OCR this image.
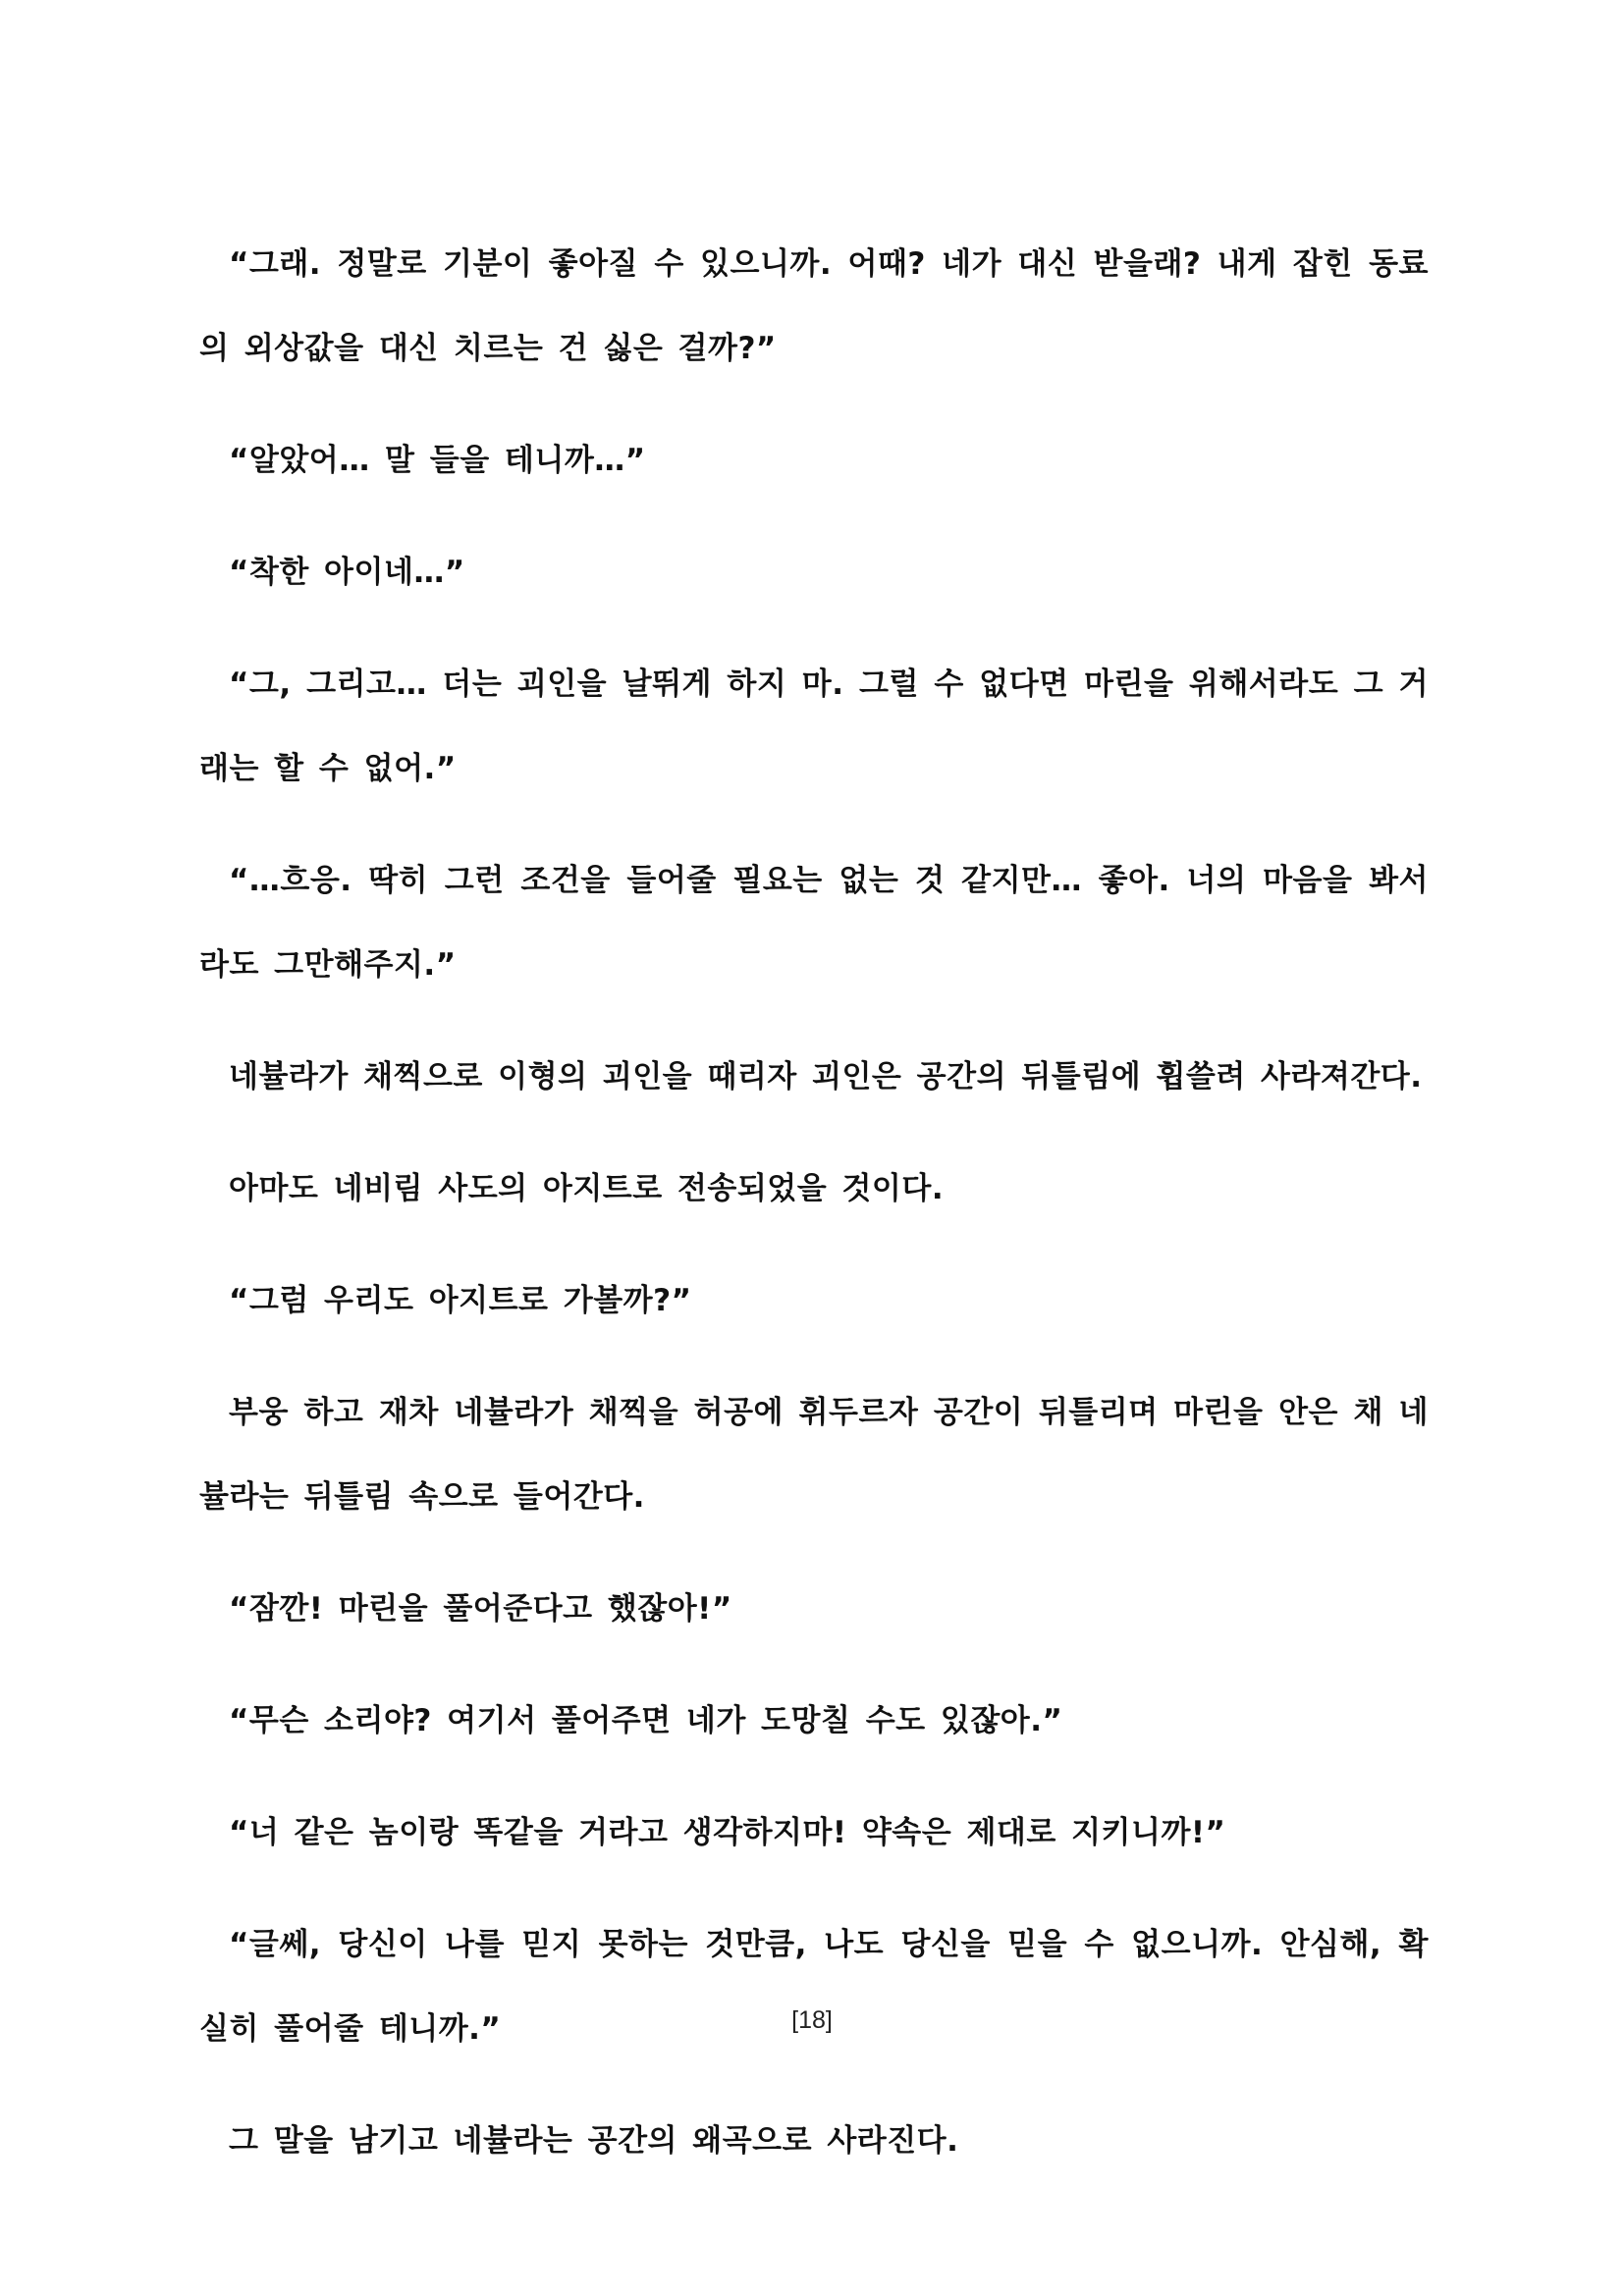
“그래. 정말로 기분이 좋아질 수 있으니까. 어때? 네가 대신 받을래? 내게 잡힌 동료의 외상값을 대신 치르는 건 싫은 걸까?”

“알았어… 말 들을 테니까…”

“착한 아이네…”

“그, 그리고… 더는 괴인을 날뛰게 하지 마. 그럴 수 없다면 마린을 위해서라도 그 거래는 할 수 없어.”

“…흐응. 딱히 그런 조건을 들어줄 필요는 없는 것 같지만… 좋아. 너의 마음을 봐서라도 그만해주지.”

네뷸라가 채찍으로 이형의 괴인을 때리자 괴인은 공간의 뒤틀림에 휩쓸려 사라져간다.

아마도 네비림 사도의 아지트로 전송되었을 것이다.

“그럼 우리도 아지트로 가볼까?”

부웅 하고 재차 네뷸라가 채찍을 허공에 휘두르자 공간이 뒤틀리며 마린을 안은 채 네뷸라는 뒤틀림 속으로 들어간다.

“잠깐! 마린을 풀어준다고 했잖아!”

“무슨 소리야? 여기서 풀어주면 네가 도망칠 수도 있잖아.”

“너 같은 놈이랑 똑같을 거라고 생각하지마! 약속은 제대로 지키니까!”

“글쎄, 당신이 나를 믿지 못하는 것만큼, 나도 당신을 믿을 수 없으니까. 안심해, 확실히 풀어줄 테니까.”

그 말을 남기고 네뷸라는 공간의 왜곡으로 사라진다.

[18]
